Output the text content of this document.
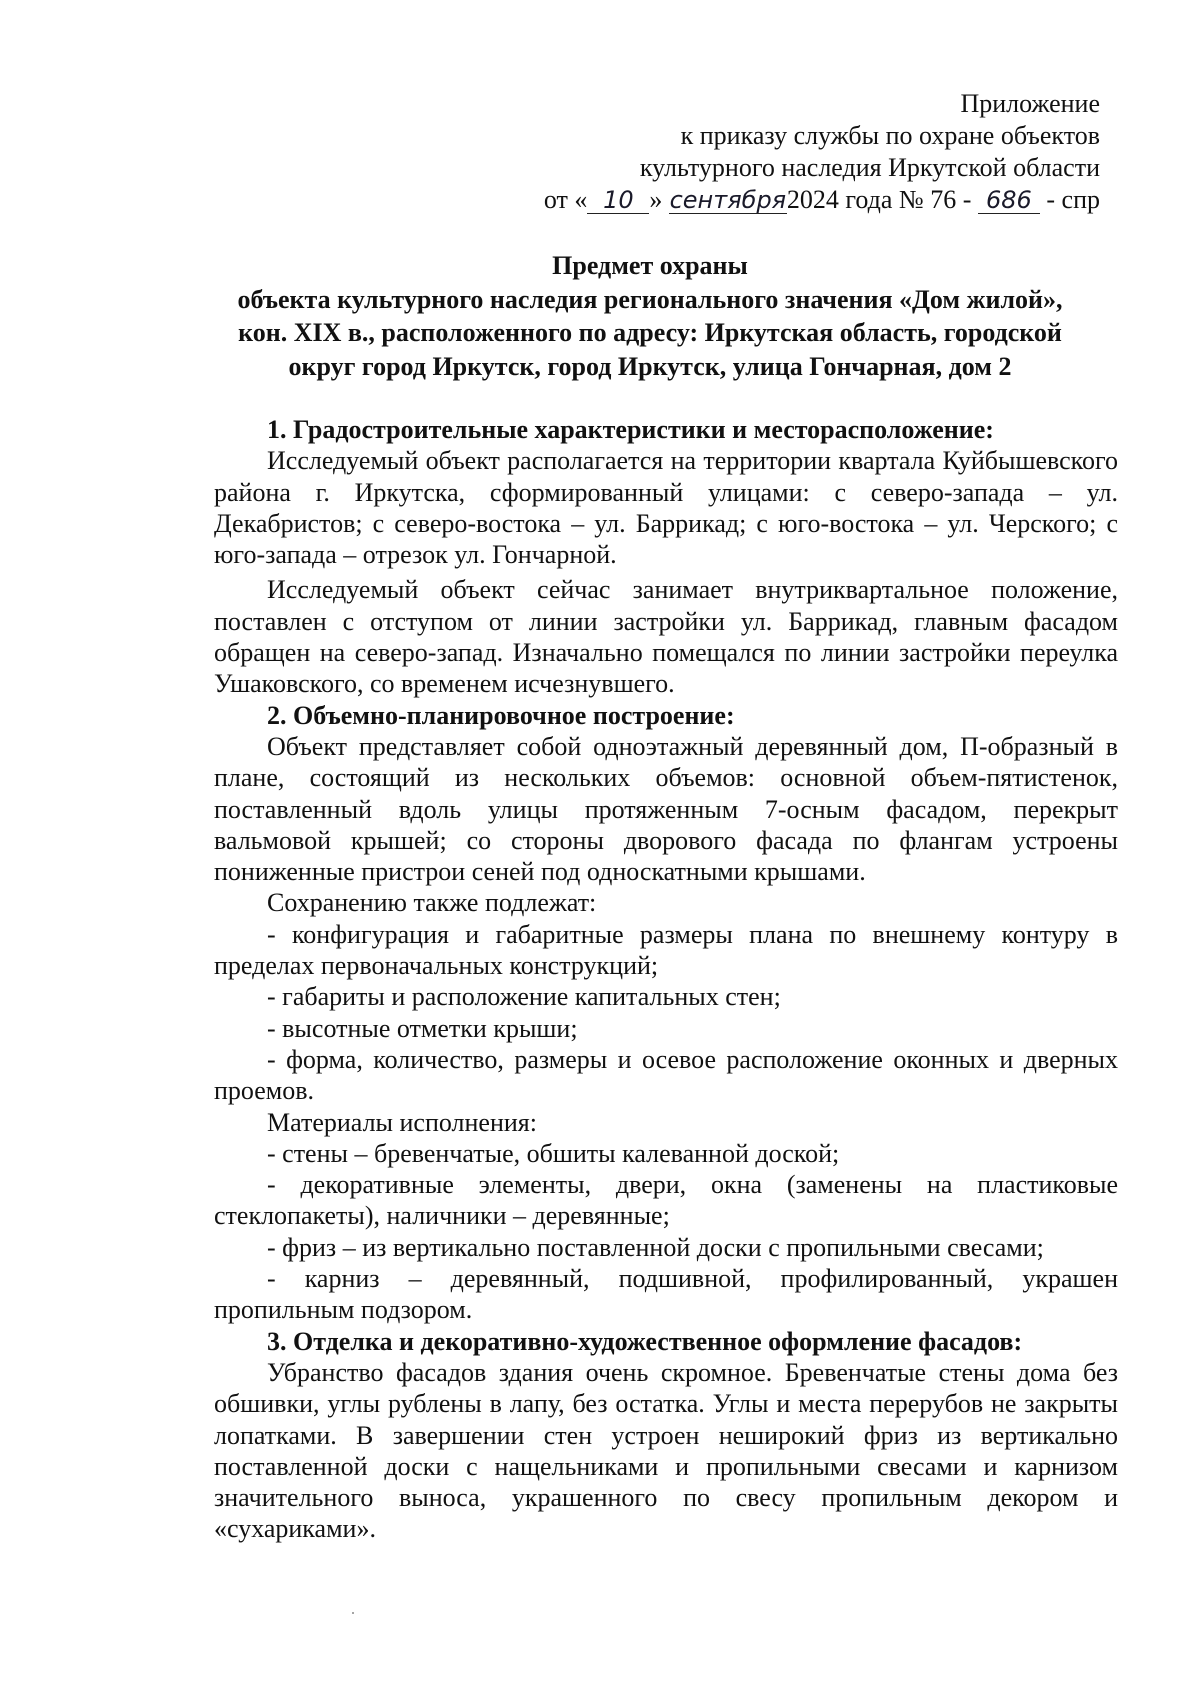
Приложение
к приказу службы по охране объектов
культурного наследия Иркутской области
от « 10 » сентября2024 года № 76 - 686 - спр
Предмет охраны
объекта культурного наследия регионального значения «Дом жилой»,
кон. XIX в., расположенного по адресу: Иркутская область, городской
округ город Иркутск, город Иркутск, улица Гончарная, дом 2

1. Градостроительные характеристики и месторасположение:

Исследуемый объект располагается на территории квартала Куйбышевского района г. Иркутска, сформированный улицами: с северо-запада – ул. Декабристов; с северо-востока – ул. Баррикад; с юго-востока – ул. Черского; с юго-запада – отрезок ул. Гончарной.

Исследуемый объект сейчас занимает внутриквартальное положение, поставлен с отступом от линии застройки ул. Баррикад, главным фасадом обращен на северо-запад. Изначально помещался по линии застройки переулка Ушаковского, со временем исчезнувшего.

2. Объемно-планировочное построение:

Объект представляет собой одноэтажный деревянный дом, П-образный в плане, состоящий из нескольких объемов: основной объем-пятистенок, поставленный вдоль улицы протяженным 7-осным фасадом, перекрыт вальмовой крышей; со стороны дворового фасада по флангам устроены пониженные пристрои сеней под односкатными крышами.

Сохранению также подлежат:

- конфигурация и габаритные размеры плана по внешнему контуру в пределах первоначальных конструкций;

- габариты и расположение капитальных стен;

- высотные отметки крыши;

- форма, количество, размеры и осевое расположение оконных и дверных проемов.

Материалы исполнения:

- стены – бревенчатые, обшиты калеванной доской;

- декоративные элементы, двери, окна (заменены на пластиковые стеклопакеты), наличники – деревянные;

- фриз – из вертикально поставленной доски с пропильными свесами;

- карниз – деревянный, подшивной, профилированный, украшен пропильным подзором.

3. Отделка и декоративно-художественное оформление фасадов:

Убранство фасадов здания очень скромное. Бревенчатые стены дома без обшивки, углы рублены в лапу, без остатка. Углы и места перерубов не закрыты лопатками. В завершении стен устроен неширокий фриз из вертикально поставленной доски с нащельниками и пропильными свесами и карнизом значительного выноса, украшенного по свесу пропильным декором и «сухариками».
